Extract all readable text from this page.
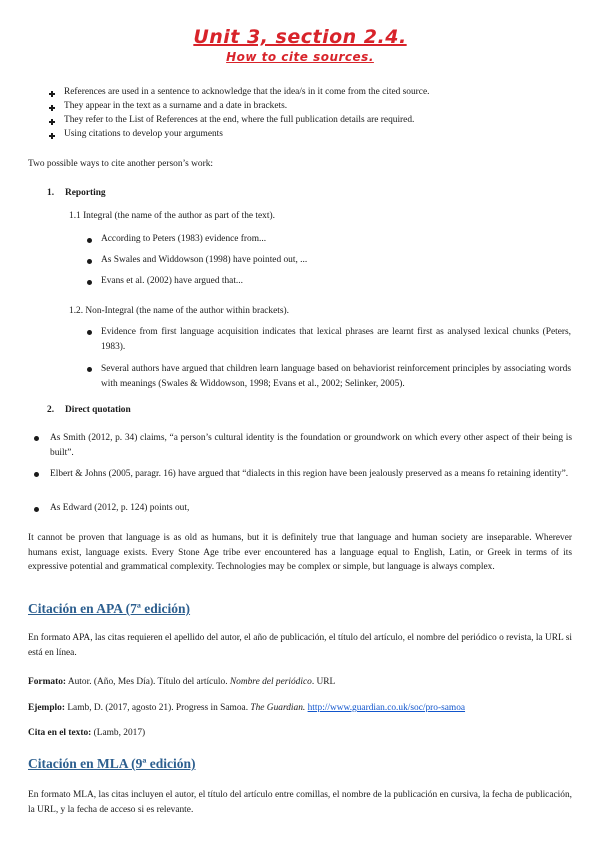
Unit 3, section 2.4.
How to cite sources.
References are used in a sentence to acknowledge that the idea/s in it come from the cited source.
They appear in the text as a surname and a date in brackets.
They refer to the List of References at the end, where the full publication details are required.
Using citations to develop your arguments
Two possible ways to cite another person’s work:
1. Reporting
1.1 Integral (the name of the author as part of the text).
According to Peters (1983) evidence from...
As Swales and Widdowson (1998) have pointed out, ...
Evans et al. (2002) have argued that...
1.2. Non-Integral (the name of the author within brackets).
Evidence from first language acquisition indicates that lexical phrases are learnt first as analysed lexical chunks (Peters, 1983).
Several authors have argued that children learn language based on behaviorist reinforcement principles by associating words with meanings (Swales & Widdowson, 1998; Evans et al., 2002; Selinker, 2005).
2. Direct quotation
As Smith (2012, p. 34) claims, “a person’s cultural identity is the foundation or groundwork on which every other aspect of their being is built”.
Elbert & Johns (2005, paragr. 16) have argued that “dialects in this region have been jealously preserved as a means fo retaining identity”.
As Edward (2012, p. 124) points out,
It cannot be proven that language is as old as humans, but it is definitely true that language and human society are inseparable. Wherever humans exist, language exists. Every Stone Age tribe ever encountered has a language equal to English, Latin, or Greek in terms of its expressive potential and grammatical complexity. Technologies may be complex or simple, but language is always complex.
Citación en APA (7ª edición)
En formato APA, las citas requieren el apellido del autor, el año de publicación, el título del artículo, el nombre del periódico o revista, la URL si está en línea.
Formato: Autor. (Año, Mes Día). Título del artículo. Nombre del periódico. URL
Ejemplo: Lamb, D. (2017, agosto 21). Progress in Samoa. The Guardian. http://www.guardian.co.uk/soc/pro-samoa
Cita en el texto: (Lamb, 2017)
Citación en MLA (9ª edición)
En formato MLA, las citas incluyen el autor, el título del artículo entre comillas, el nombre de la publicación en cursiva, la fecha de publicación, la URL, y la fecha de acceso si es relevante.
